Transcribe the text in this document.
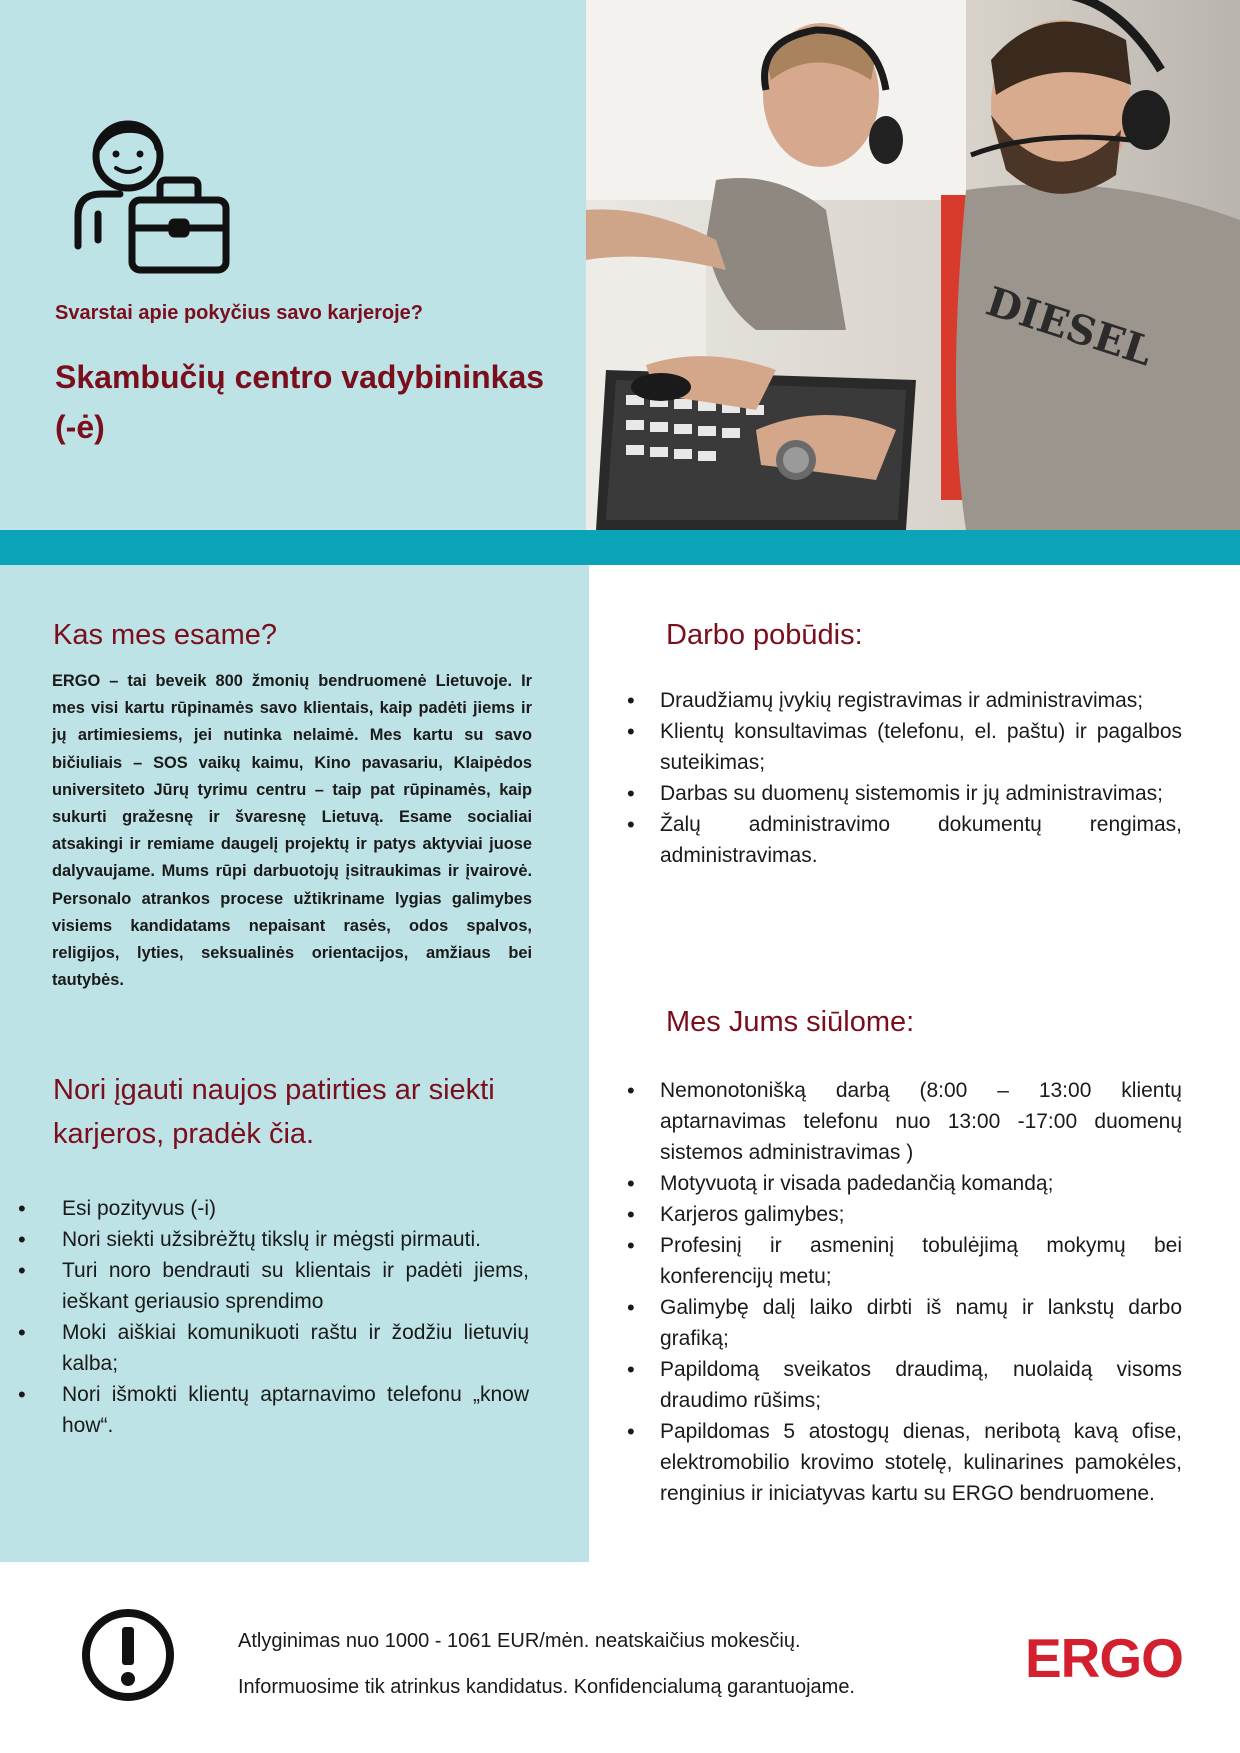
Svarstai apie pokyčius savo karjeroje?

Skambučių centro vadybininkas (-ė)
DIESEL
Kas mes esame?

ERGO – tai beveik 800 žmonių bendruomenė Lietuvoje. Ir mes visi kartu rūpinamės savo klientais, kaip padėti jiems ir jų artimiesiems, jei nutinka nelaimė. Mes kartu su savo bičiuliais – SOS vaikų kaimu, Kino pavasariu, Klaipėdos universiteto Jūrų tyrimu centru – taip pat rūpinamės, kaip sukurti gražesnę ir švaresnę Lietuvą. Esame socialiai atsakingi ir remiame daugelį projektų ir patys aktyviai juose dalyvaujame. Mums rūpi darbuotojų įsitraukimas ir įvairovė. Personalo atrankos procese užtikriname lygias galimybes visiems kandidatams nepaisant rasės, odos spalvos, religijos, lyties, seksualinės orientacijos, amžiaus bei tautybės.

Nori įgauti naujos patirties ar siekti karjeros, pradėk čia.
• Esi pozityvus (-i)
• Nori siekti užsibrėžtų tikslų ir mėgsti pirmauti.
• Turi noro bendrauti su klientais ir padėti jiems, ieškant geriausio sprendimo
• Moki aiškiai komunikuoti raštu ir žodžiu lietuvių kalba;
• Nori išmokti klientų aptarnavimo telefonu „know how“.
Darbo pobūdis:
• Draudžiamų įvykių registravimas ir administravimas;
• Klientų konsultavimas (telefonu, el. paštu) ir pagalbos suteikimas;
• Darbas su duomenų sistemomis ir jų administravimas;
• Žalų administravimo dokumentų rengimas, administravimas.
Mes Jums siūlome:
• Nemonotonišką darbą (8:00 – 13:00 klientų aptarnavimas telefonu nuo 13:00 -17:00 duomenų sistemos administravimas )
• Motyvuotą ir visada padedančią komandą;
• Karjeros galimybes;
• Profesinį ir asmeninį tobulėjimą mokymų bei konferencijų metu;
• Galimybę dalį laiko dirbti iš namų ir lankstų darbo grafiką;
• Papildomą sveikatos draudimą, nuolaidą visoms draudimo rūšims;
• Papildomas 5 atostogų dienas, neribotą kavą ofise, elektromobilio krovimo stotelę, kulinarines pamokėles, renginius ir iniciatyvas kartu su ERGO bendruomene.

Atlyginimas nuo 1000 - 1061 EUR/mėn. neatskaičius mokesčių.

Informuosime tik atrinkus kandidatus. Konfidencialumą garantuojame.	ERGO
